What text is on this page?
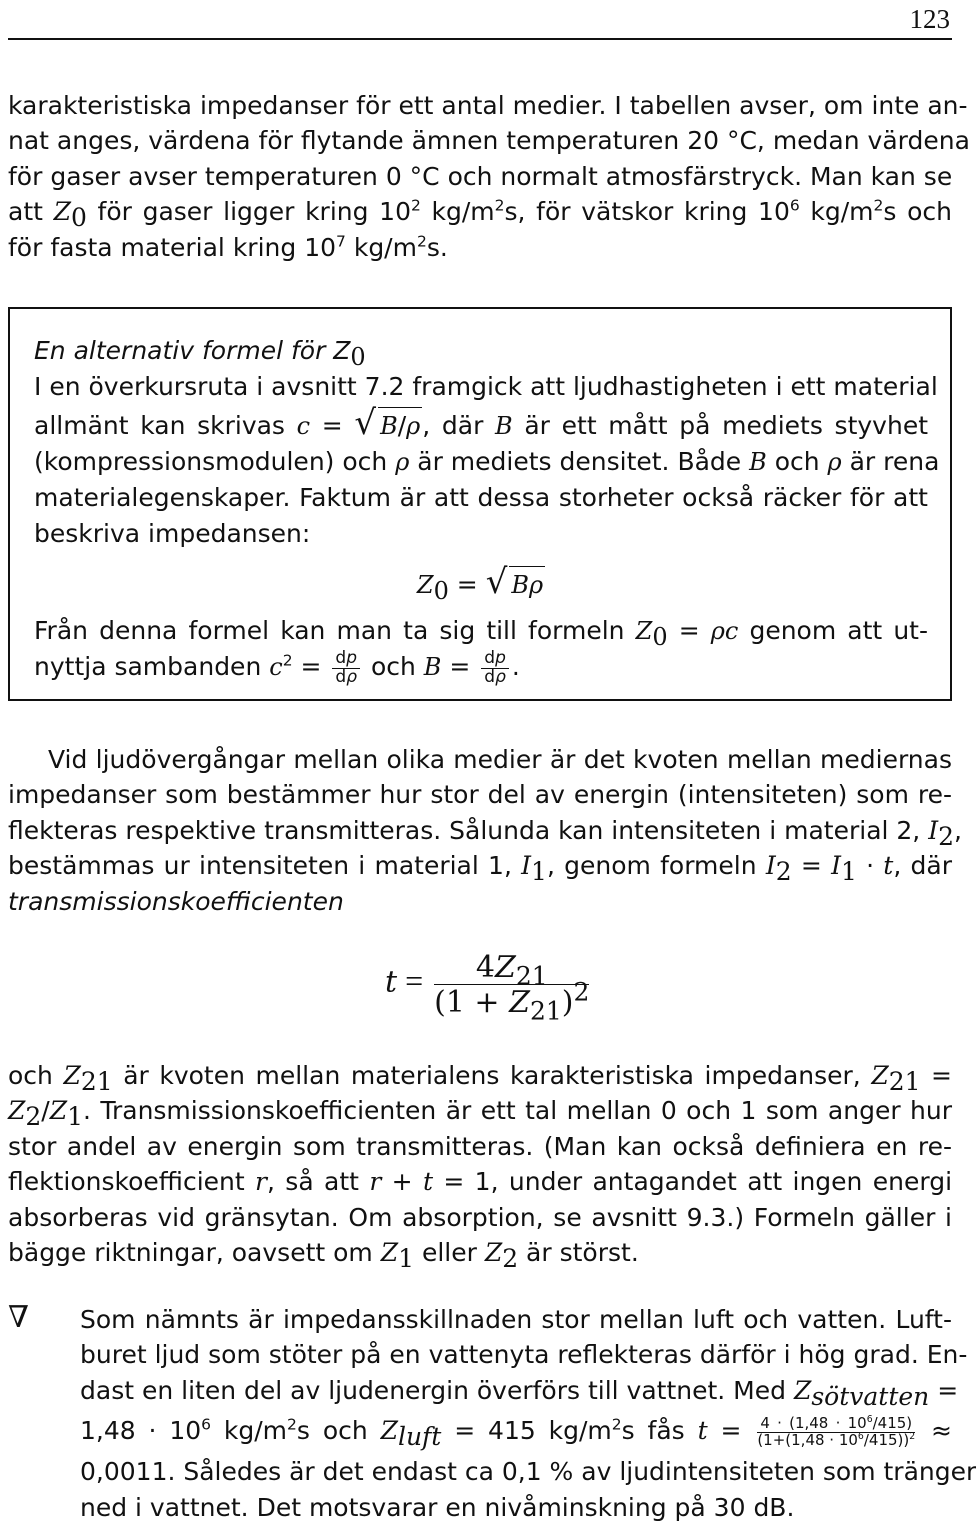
123
karakteristiska impedanser för ett antal medier. I tabellen avser, om inte an-
nat anges, värdena för flytande ämnen temperaturen 20 °C, medan värdena
för gaser avser temperaturen 0 °C och normalt atmosfärstryck. Man kan se
att $Z_0$ för gaser ligger kring $10^2$ $kg/m^2s$, för vätskor kring $10^6$ $kg/m^2s$ och
för fasta material kring $10^7$ $kg/m^2s$.
En alternativ formel för $Z_0$
I en överkursruta i avsnitt 7.2 framgick att ljudhastigheten i ett material
allmänt kan skrivas c = √ B/ρ, där B är ett mått på mediets styvhet
(kompressionsmodulen) och ρ är mediets densitet. Både B och ρ är rena
materialegenskaper. Faktum är att dessa storheter också räcker för att
beskriva impedansen:
$Z_0$ = √ Bρ
Från denna formel kan man ta sig till formeln $Z_0 = \rho c$ genom att ut-
nyttja sambanden $c^2 = \frac{dp}{d\rho}$ och $B = \frac{dp}{d\rho}$ .
Vid ljudövergångar mellan olika medier är det kvoten mellan mediernas
impedanser som bestämmer hur stor del av energin (intensiteten) som re-
flekteras respektive transmitteras. Sålunda kan intensiteten i material 2, $I_2$,
bestämmas ur intensiteten i material 1, $I_1$, genom formeln $I_2 = I_1 \cdot t$, där
transmissionskoefficienten
$t = \frac{4Z_{21}}{(1 + Z_{21})^2}$
och $Z_{21}$ är kvoten mellan materialens karakteristiska impedanser, $Z_{21}$ =
$Z_2/Z_1$. Transmissionskoefficienten är ett tal mellan 0 och 1 som anger hur
stor andel av energin som transmitteras. (Man kan också definiera en re-
flektionskoefficient r, så att r + t = 1, under antagandet att ingen energi
absorberas vid gränsytan. Om absorption, se avsnitt 9.3.) Formeln gäller i
bägge riktningar, oavsett om $Z_1$ eller $Z_2$ är störst.
∇ Som nämnts är impedansskillnaden stor mellan luft och vatten. Luft-
buret ljud som stöter på en vattenyta reflekteras därför i hög grad. En-
dast en liten del av ljudenergin överförs till vattnet. Med $Z_{sötvatten}$ =
$1,48 \cdot 10^6$ $kg/m^2s$ och $Z_{luft} = 415$ $kg/m^2s$ fås $t = \frac{4 \cdot (1,48 \cdot 10^6/415)}{(1+(1,48 \cdot 10^6/415))^2}$ ≈
0,0011. Således är det endast ca 0,1 % av ljudintensiteten som tränger
ned i vattnet. Det motsvarar en nivåminskning på 30 dB.
